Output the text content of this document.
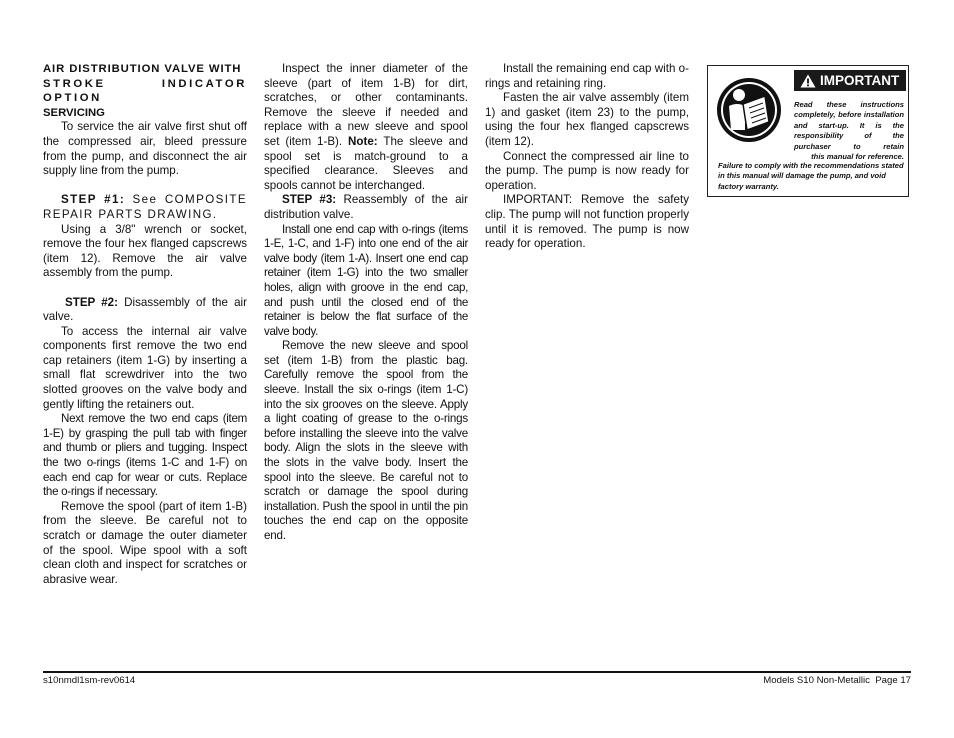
AIR DISTRIBUTION VALVE WITH
STROKE INDICATOR OPTION
SERVICING

To service the air valve first shut off the compressed air, bleed pressure from the pump, and disconnect the air supply line from the pump.

STEP #1: See COMPOSITE REPAIR PARTS DRAWING.

Using a 3/8" wrench or socket, remove the four hex flanged capscrews (item 12). Remove the air valve assembly from the pump.

STEP #2: Disassembly of the air valve.

To access the internal air valve components first remove the two end cap retainers (item 1-G) by inserting a small flat screwdriver into the two slotted grooves on the valve body and gently lifting the retainers out.

Next remove the two end caps (item 1-E) by grasping the pull tab with finger and thumb or pliers and tugging. Inspect the two o-rings (items 1-C and 1-F) on each end cap for wear or cuts. Replace the o-rings if necessary.

Remove the spool (part of item 1-B) from the sleeve. Be careful not to scratch or damage the outer diameter of the spool. Wipe spool with a soft clean cloth and inspect for scratches or abrasive wear.

Inspect the inner diameter of the sleeve (part of item 1-B) for dirt, scratches, or other contaminants. Remove the sleeve if needed and replace with a new sleeve and spool set (item 1-B). Note: The sleeve and spool set is match-ground to a specified clearance. Sleeves and spools cannot be interchanged.

STEP #3: Reassembly of the air distribution valve.

Install one end cap with o-rings (items 1-E, 1-C, and 1-F) into one end of the air valve body (item 1-A). Insert one end cap retainer (item 1-G) into the two smaller holes, align with groove in the end cap, and push until the closed end of the retainer is below the flat surface of the valve body.

Remove the new sleeve and spool set (item 1-B) from the plastic bag. Carefully remove the spool from the sleeve. Install the six o-rings (item 1-C) into the six grooves on the sleeve. Apply a light coating of grease to the o-rings before installing the sleeve into the valve body. Align the slots in the sleeve with the slots in the valve body. Insert the spool into the sleeve. Be careful not to scratch or damage the spool during installation. Push the spool in until the pin touches the end cap on the opposite end.

Install the remaining end cap with o-rings and retaining ring.

Fasten the air valve assembly (item 1) and gasket (item 23) to the pump, using the four hex flanged capscrews (item 12).

Connect the compressed air line to the pump. The pump is now ready for operation.

IMPORTANT: Remove the safety clip. The pump will not function properly until it is removed. The pump is now ready for operation.

IMPORTANT
Read these instructions completely, before installation and start-up. It is the responsibility of the purchaser to retain
this manual for reference.
Failure to comply with the recommendations stated in this manual will damage the pump, and void factory warranty.
s10nmdl1sm-rev0614	Models S10 Non-Metallic  Page 17
